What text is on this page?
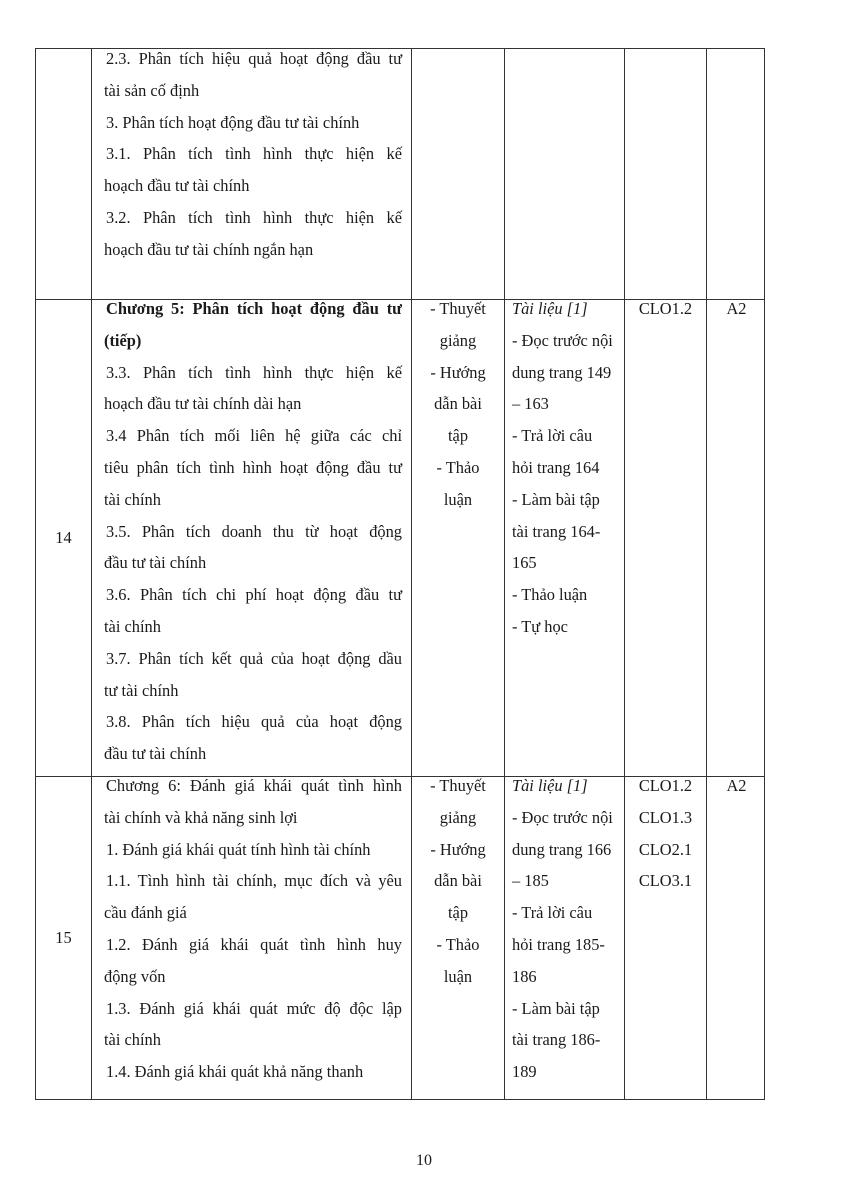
2.3. Phân tích hiệu quả hoạt động đầu tư
tài sản cố định
3. Phân tích hoạt động đầu tư tài chính
3.1. Phân tích tình hình thực hiện kế
hoạch đầu tư tài chính
3.2. Phân tích tình hình thực hiện kế
hoạch đầu tư tài chính ngắn hạn
14
Chương 5: Phân tích hoạt động đầu tư
(tiếp)
3.3. Phân tích tình hình thực hiện kế
hoạch đầu tư tài chính dài hạn
3.4 Phân tích mối liên hệ giữa các chỉ
tiêu phân tích tình hình hoạt động đầu tư
tài chính
3.5. Phân tích doanh thu từ hoạt động
đầu tư tài chính
3.6. Phân tích chi phí hoạt động đầu tư
tài chính
3.7. Phân tích kết quả của hoạt động dầu
tư tài chính
3.8. Phân tích hiệu quả của hoạt động
đầu tư tài chính
- Thuyết
giảng
- Hướng
dẫn bài
tập
- Thảo
luận
Tài liệu [1]
- Đọc trước nội
dung trang 149
– 163
- Trả lời câu
hỏi trang 164
- Làm bài tập
tài trang 164-
165
- Thảo luận
- Tự học
CLO1.2	A2
15
Chương 6: Đánh giá khái quát tình hình
tài chính và khả năng sinh lợi
1. Đánh giá khái quát tính hình tài chính
1.1. Tình hình tài chính, mục đích và yêu
cầu đánh giá
1.2. Đánh giá khái quát tình hình huy
động vốn
1.3. Đánh giá khái quát mức độ độc lập
tài chính
1.4. Đánh giá khái quát khả năng thanh
- Thuyết
giảng
- Hướng
dẫn bài
tập
- Thảo
luận
Tài liệu [1]
- Đọc trước nội
dung trang 166
– 185
- Trả lời câu
hỏi trang 185-
186
- Làm bài tập
tài trang 186-
189
CLO1.2
CLO1.3
CLO2.1
CLO3.1
A2
10
